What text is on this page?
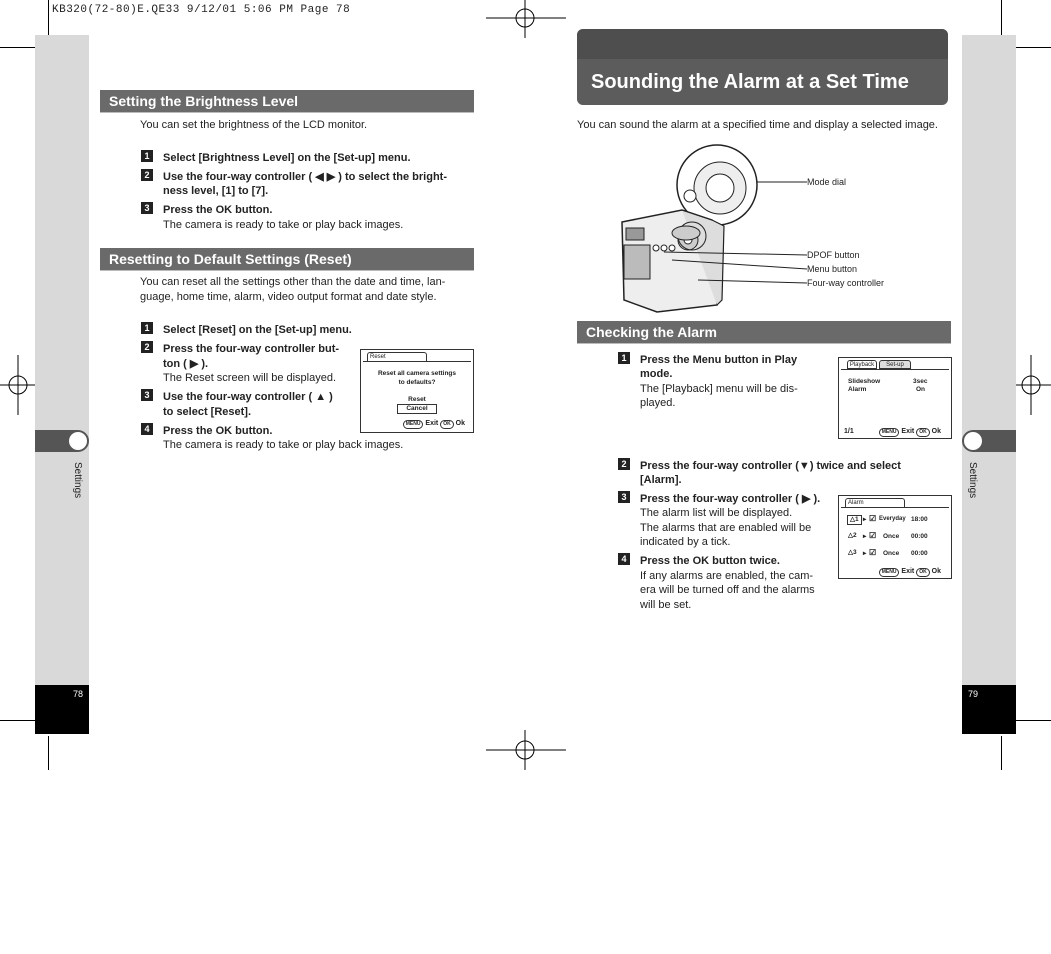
KB320(72-80)E.QE33 9/12/01 5:06 PM Page 78
Settings
78
Settings
79
Setting the Brightness Level
You can set the brightness of the LCD monitor.
1	Select [Brightness Level] on the [Set-up] menu.
2	Use the four-way controller ( ◀ ▶ ) to select the bright-
ness level, [1] to [7].
3	Press the OK button.
The camera is ready to take or play back images.
Resetting to Default Settings (Reset)
You can reset all the settings other than the date and time, lan-
guage, home time, alarm, video output format and date style.
1	Select [Reset] on the [Set-up] menu.
2	Press the four-way controller but-
ton ( ▶ ).
The Reset screen will be displayed.
3	Use the four-way controller ( ▲ )
to select [Reset].
4	Press the OK button.
The camera is ready to take or play back images.
Reset
Reset all camera settings
to defaults?
Reset
Cancel
MENU Exit OK Ok
Sounding the Alarm at a Set Time
You can sound the alarm at a specified time and display a selected image.
Mode dial
DPOF button
Menu button
Four-way controller
Checking the Alarm
1	Press the Menu button in Play
mode.
The [Playback] menu will be dis-
played.
Playback	Set-up
Slideshow	3sec
Alarm	On
1/1	MENU Exit OK Ok
2	Press the four-way controller (▼) twice and select
[Alarm].
3	Press the four-way controller ( ▶ ).
The alarm list will be displayed.
The alarms that are enabled will be
indicated by a tick.
4	Press the OK button twice.
If any alarms are enabled, the cam-
era will be turned off and the alarms
will be set.
Alarm
△1 ▸ ☑ Everyday 18:00
△2 ▸ ☑ Once 00:00
△3 ▸ ☑ Once 00:00
MENU Exit OK Ok
